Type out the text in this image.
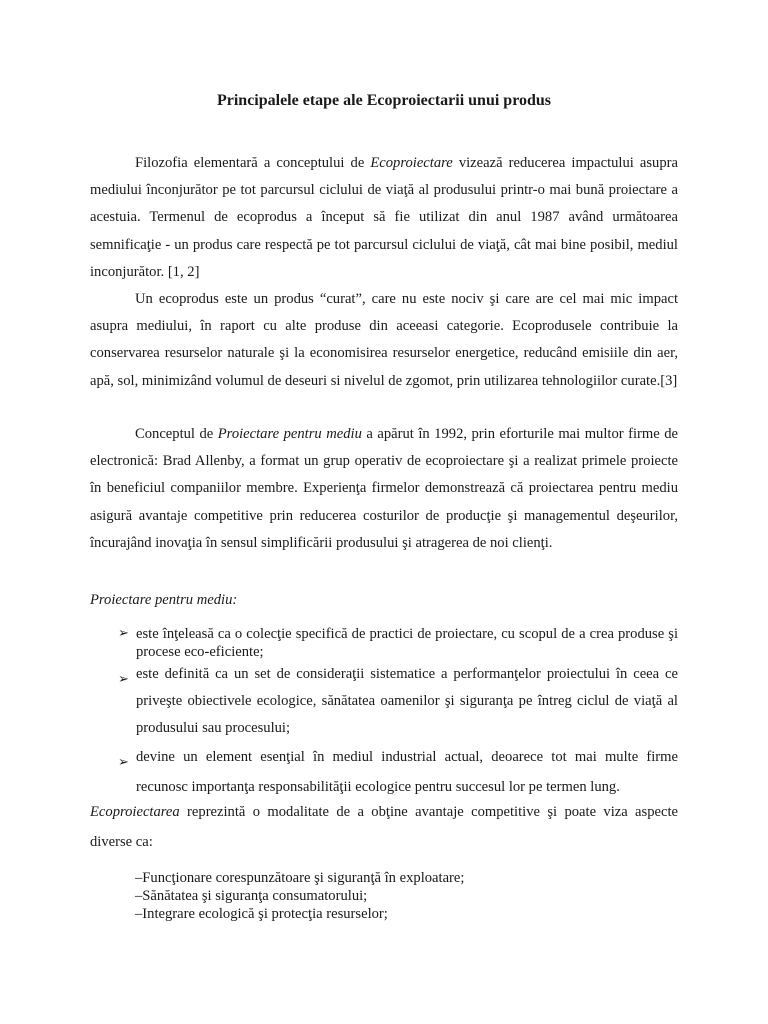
Principalele etape ale Ecoproiectarii unui produs

Filozofia elementară a conceptului de Ecoproiectare vizează reducerea impactului asupra mediului înconjurător pe tot parcursul ciclului de viaţă al produsului printr-o mai bună proiectare a acestuia. Termenul de ecoprodus a început să fie utilizat din anul 1987 având următoarea semnificaţie - un produs care respectă pe tot parcursul ciclului de viaţă, cât mai bine posibil, mediul inconjurător. [1, 2]

Un ecoprodus este un produs “curat”, care nu este nociv şi care are cel mai mic impact asupra mediului, în raport cu alte produse din aceeasi categorie. Ecoprodusele contribuie la conservarea resurselor naturale şi la economisirea resurselor energetice, reducând emisiile din aer, apă, sol, minimizând volumul de deseuri si nivelul de zgomot, prin utilizarea tehnologiilor curate.[3]

Conceptul de Proiectare pentru mediu a apărut în 1992, prin eforturile mai multor firme de electronică: Brad Allenby, a format un grup operativ de ecoproiectare şi a realizat primele proiecte în beneficiul companiilor membre. Experienţa firmelor demonstrează că proiectarea pentru mediu asigură avantaje competitive prin reducerea costurilor de producţie şi managementul deşeurilor, încurajând inovaţia în sensul simplificării produsului şi atragerea de noi clienţi.

Proiectare pentru mediu:
➢ este înţeleasă ca o colecţie specifică de practici de proiectare, cu scopul de a crea produse şi procese eco-eficiente;
➢ este definită ca un set de consideraţii sistematice a performanţelor proiectului în ceea ce priveşte obiectivele ecologice, sănătatea oamenilor şi siguranţa pe întreg ciclul de viaţă al produsului sau procesului;
➢ devine un element esenţial în mediul industrial actual, deoarece tot mai multe firme recunosc importanţa responsabilităţii ecologice pentru succesul lor pe termen lung.

Ecoproiectarea reprezintă o modalitate de a obţine avantaje competitive şi poate viza aspecte diverse ca:

–Funcţionare corespunzătoare şi siguranţă în exploatare;
–Sănătatea şi siguranţa consumatorului;
–Integrare ecologică şi protecţia resurselor;
